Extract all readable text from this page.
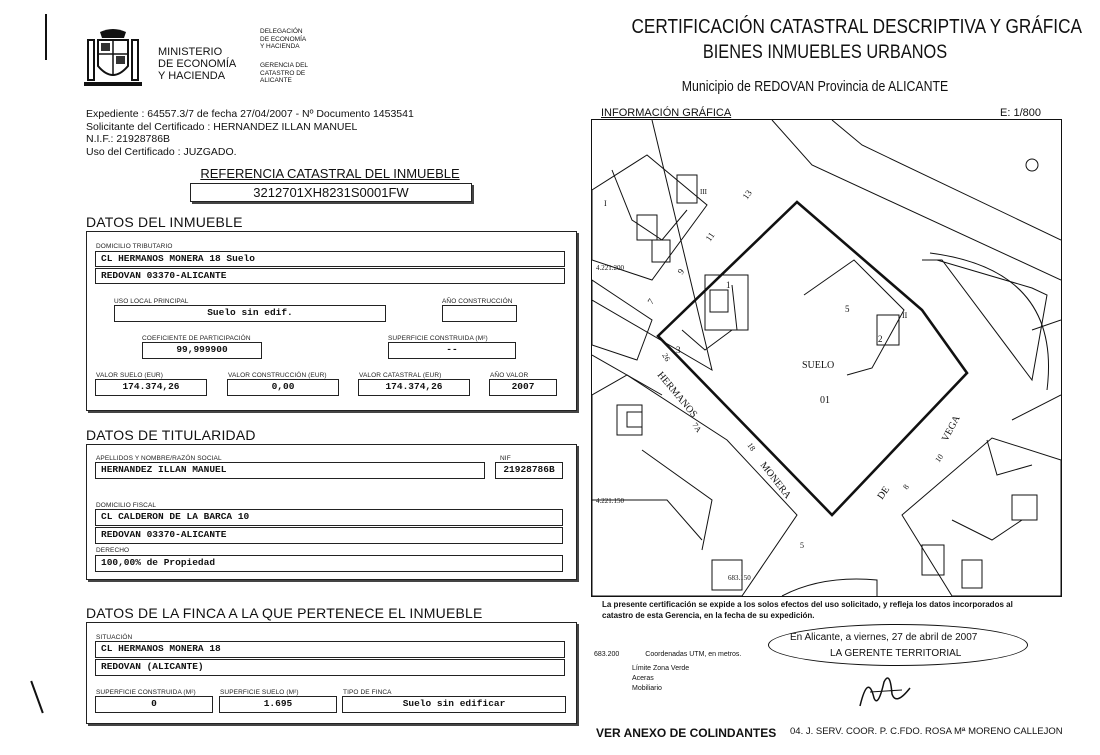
MINISTERIO
DE ECONOMÍA
Y HACIENDA
DELEGACIÓN
DE ECONOMÍA
Y HACIENDA
GERENCIA DEL
CATASTRO DE
ALICANTE
CERTIFICACIÓN CATASTRAL DESCRIPTIVA Y GRÁFICA
BIENES INMUEBLES URBANOS
Municipio de REDOVAN Provincia de ALICANTE
Expediente : 64557.3/7 de fecha 27/04/2007 - Nº Documento 1453541
Solicitante del Certificado : HERNANDEZ ILLAN MANUEL
N.I.F.: 21928786B
Uso del Certificado : JUZGADO.
REFERENCIA CATASTRAL DEL INMUEBLE
3212701XH8231S0001FW
DATOS DEL INMUEBLE
DOMICILIO TRIBUTARIO
CL HERMANOS MONERA 18 Suelo
REDOVAN 03370-ALICANTE
USO LOCAL PRINCIPAL
Suelo sin edif.
AÑO CONSTRUCCIÓN
COEFICIENTE DE PARTICIPACIÓN
99,999900
SUPERFICIE CONSTRUIDA (M²)
--
VALOR SUELO (EUR)
174.374,26
VALOR CONSTRUCCIÓN (EUR)
0,00
VALOR CATASTRAL (EUR)
174.374,26
AÑO VALOR
2007
DATOS DE TITULARIDAD
APELLIDOS Y NOMBRE/RAZÓN SOCIAL
HERNANDEZ ILLAN MANUEL
NIF
21928786B
DOMICILIO FISCAL
CL CALDERON DE LA BARCA 10
REDOVAN 03370-ALICANTE
DERECHO
100,00% de Propiedad
DATOS DE LA FINCA A LA QUE PERTENECE EL INMUEBLE
SITUACIÓN
CL HERMANOS MONERA 18
REDOVAN (ALICANTE)
SUPERFICIE CONSTRUIDA (M²)
0
SUPERFICIE SUELO (M²)
1.695
TIPO DE FINCA
Suelo sin edificar
INFORMACIÓN GRÁFICA	E: 1/800
4.221.200
4.221.150
683.150
SUELO
01
HERMANOS
MONERA	DE
VEGA
13
11
9
7
26
7A
18
8
10
5
5
3
1
2
II
III
I
La presente certificación se expide a los solos efectos del uso solicitado, y refleja los datos incorporados al catastro de esta Gerencia, en la fecha de su expedición.
683.200	Coordenadas UTM, en metros.
Límite Zona Verde
Aceras
Mobiliario
En Alicante, a viernes, 27 de abril de 2007
LA GERENTE TERRITORIAL
VER ANEXO DE COLINDANTES 04. J. SERV. COOR. P. C.FDO. ROSA Mª MORENO CALLEJON
